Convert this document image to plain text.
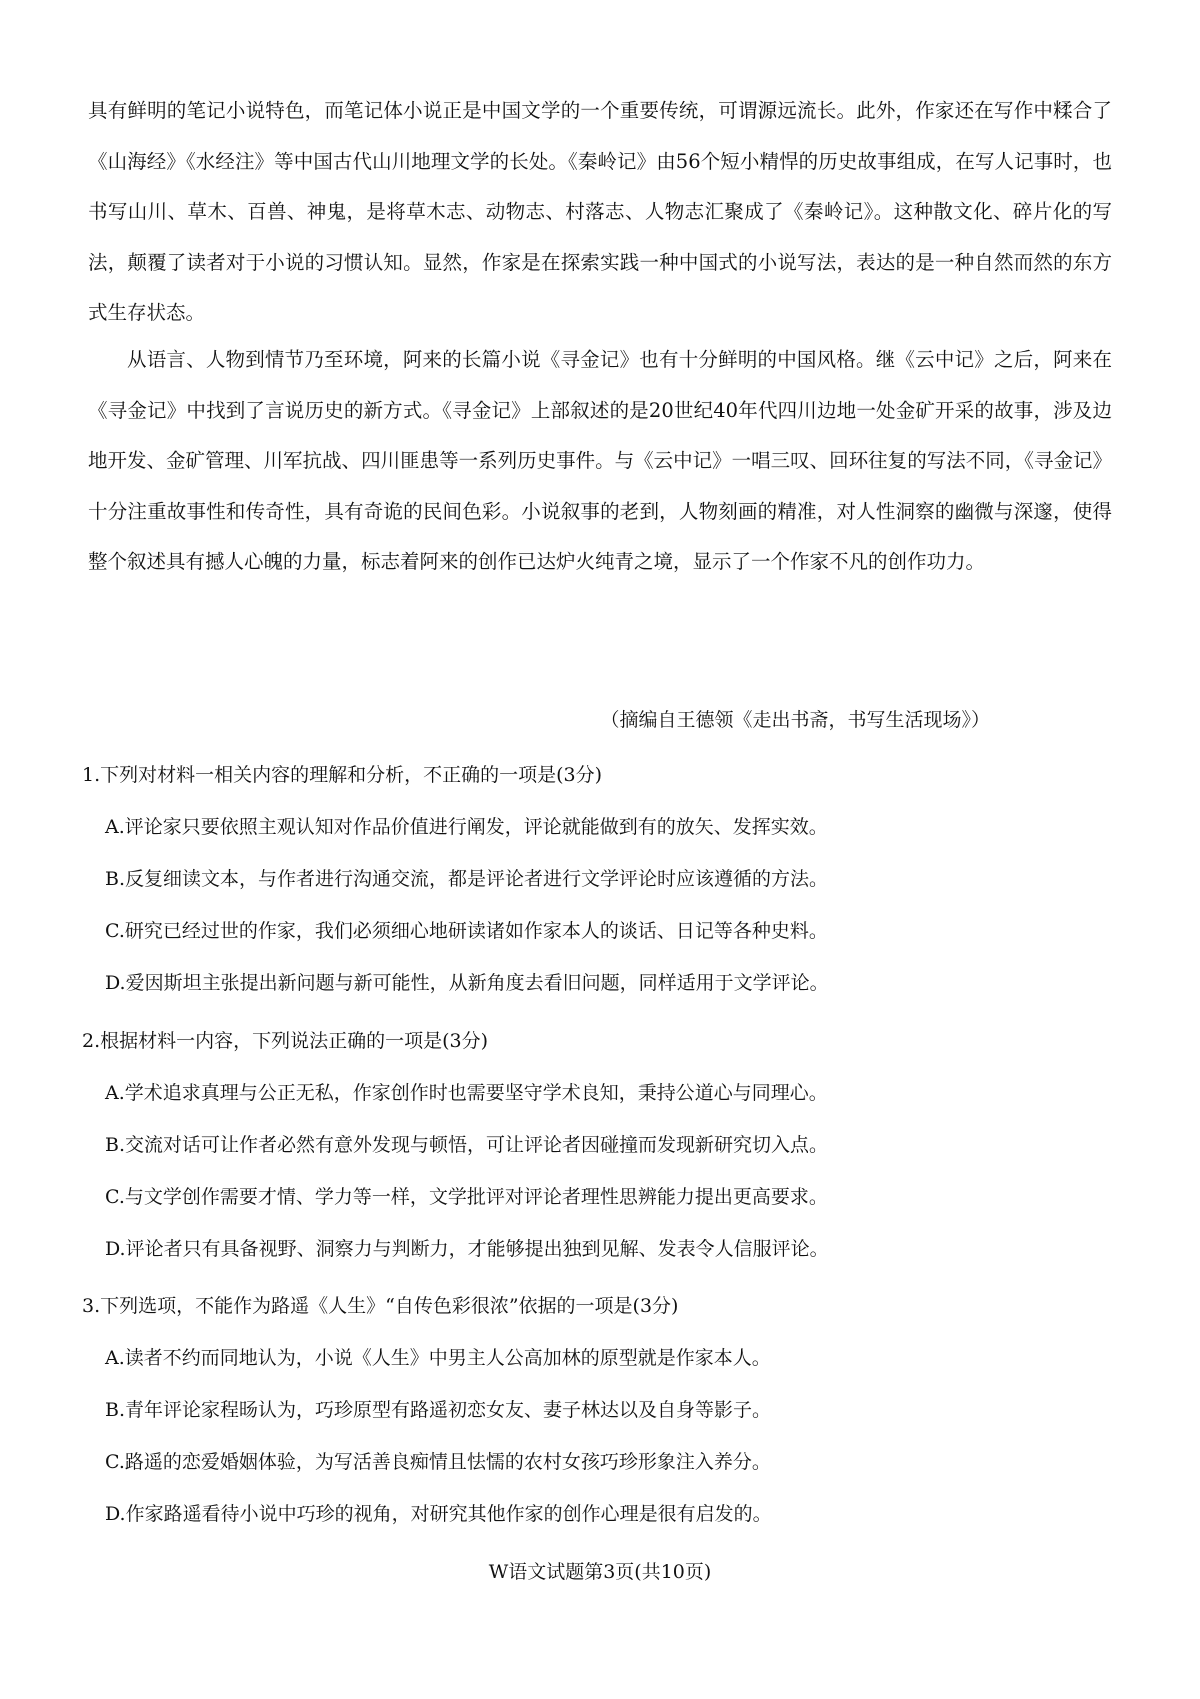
具有鲜明的笔记小说特色，而笔记体小说正是中国文学的一个重要传统，可谓源远流长。此外，作家还在写作中糅合了《山海经》《水经注》等中国古代山川地理文学的长处。《秦岭记》由56个短小精悍的历史故事组成，在写人记事时，也书写山川、草木、百兽、神鬼，是将草木志、动物志、村落志、人物志汇聚成了《秦岭记》。这种散文化、碎片化的写法，颠覆了读者对于小说的习惯认知。显然，作家是在探索实践一种中国式的小说写法，表达的是一种自然而然的东方式生存状态。

从语言、人物到情节乃至环境，阿来的长篇小说《寻金记》也有十分鲜明的中国风格。继《云中记》之后，阿来在《寻金记》中找到了言说历史的新方式。《寻金记》上部叙述的是20世纪40年代四川边地一处金矿开采的故事，涉及边地开发、金矿管理、川军抗战、四川匪患等一系列历史事件。与《云中记》一唱三叹、回环往复的写法不同，《寻金记》十分注重故事性和传奇性，具有奇诡的民间色彩。小说叙事的老到，人物刻画的精准，对人性洞察的幽微与深邃，使得整个叙述具有撼人心魄的力量，标志着阿来的创作已达炉火纯青之境，显示了一个作家不凡的创作功力。

（摘编自王德领《走出书斋，书写生活现场》）

1.下列对材料一相关内容的理解和分析，不正确的一项是(3分)

A.评论家只要依照主观认知对作品价值进行阐发，评论就能做到有的放矢、发挥实效。

B.反复细读文本，与作者进行沟通交流，都是评论者进行文学评论时应该遵循的方法。

C.研究已经过世的作家，我们必须细心地研读诸如作家本人的谈话、日记等各种史料。

D.爱因斯坦主张提出新问题与新可能性，从新角度去看旧问题，同样适用于文学评论。

2.根据材料一内容，下列说法正确的一项是(3分)

A.学术追求真理与公正无私，作家创作时也需要坚守学术良知，秉持公道心与同理心。

B.交流对话可让作者必然有意外发现与顿悟，可让评论者因碰撞而发现新研究切入点。

C.与文学创作需要才情、学力等一样，文学批评对评论者理性思辨能力提出更高要求。

D.评论者只有具备视野、洞察力与判断力，才能够提出独到见解、发表令人信服评论。

3.下列选项，不能作为路遥《人生》“自传色彩很浓”依据的一项是(3分)

A.读者不约而同地认为，小说《人生》中男主人公高加林的原型就是作家本人。

B.青年评论家程旸认为，巧珍原型有路遥初恋女友、妻子林达以及自身等影子。

C.路遥的恋爱婚姻体验，为写活善良痴情且怯懦的农村女孩巧珍形象注入养分。

D.作家路遥看待小说中巧珍的视角，对研究其他作家的创作心理是很有启发的。

W语文试题第3页(共10页)
